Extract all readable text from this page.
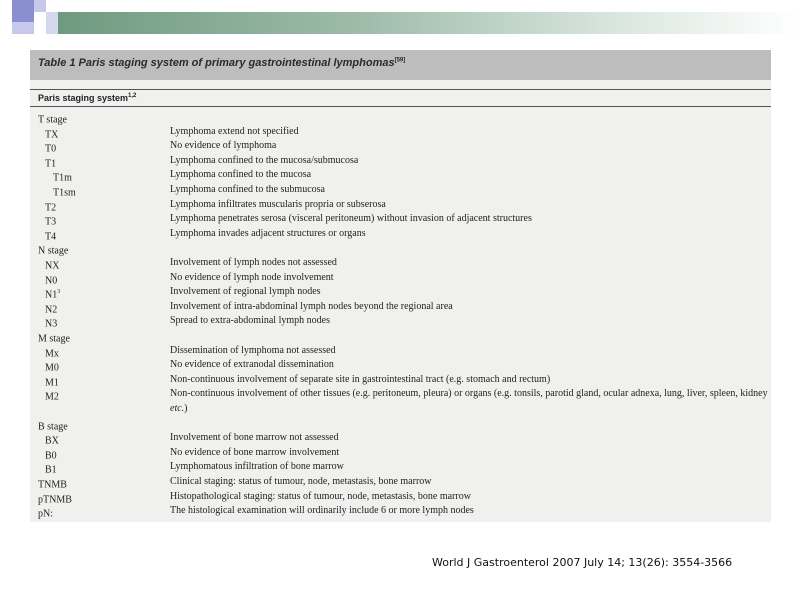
Table 1 Paris staging system of primary gastrointestinal lymphomas[59]
Paris staging system$^{1,2}$
T stage
TX	Lymphoma extend not specified
T0	No evidence of lymphoma
T1	Lymphoma confined to the mucosa/submucosa
T1m	Lymphoma confined to the mucosa
T1sm	Lymphoma confined to the submucosa
T2	Lymphoma infiltrates muscularis propria or subserosa
T3	Lymphoma penetrates serosa (visceral peritoneum) without invasion of adjacent structures
T4	Lymphoma invades adjacent structures or organs
N stage
NX	Involvement of lymph nodes not assessed
N0	No evidence of lymph node involvement
$N1^3$	Involvement of regional lymph nodes
N2	Involvement of intra-abdominal lymph nodes beyond the regional area
N3	Spread to extra-abdominal lymph nodes
M stage
Mx	Dissemination of lymphoma not assessed
M0	No evidence of extranodal dissemination
M1	Non-continuous involvement of separate site in gastrointestinal tract (e.g. stomach and rectum)
M2	Non-continuous involvement of other tissues (e.g. peritoneum, pleura) or organs (e.g. tonsils, parotid gland, ocular adnexa, lung, liver, spleen, kidney etc.)
B stage
BX	Involvement of bone marrow not assessed
B0	No evidence of bone marrow involvement
B1	Lymphomatous infiltration of bone marrow
TNMB	Clinical staging: status of tumour, node, metastasis, bone marrow
pTNMB	Histopathological staging: status of tumour, node, metastasis, bone marrow
pN:	The histological examination will ordinarily include 6 or more lymph nodes
World J Gastroenterol 2007 July 14; 13(26): 3554-3566
